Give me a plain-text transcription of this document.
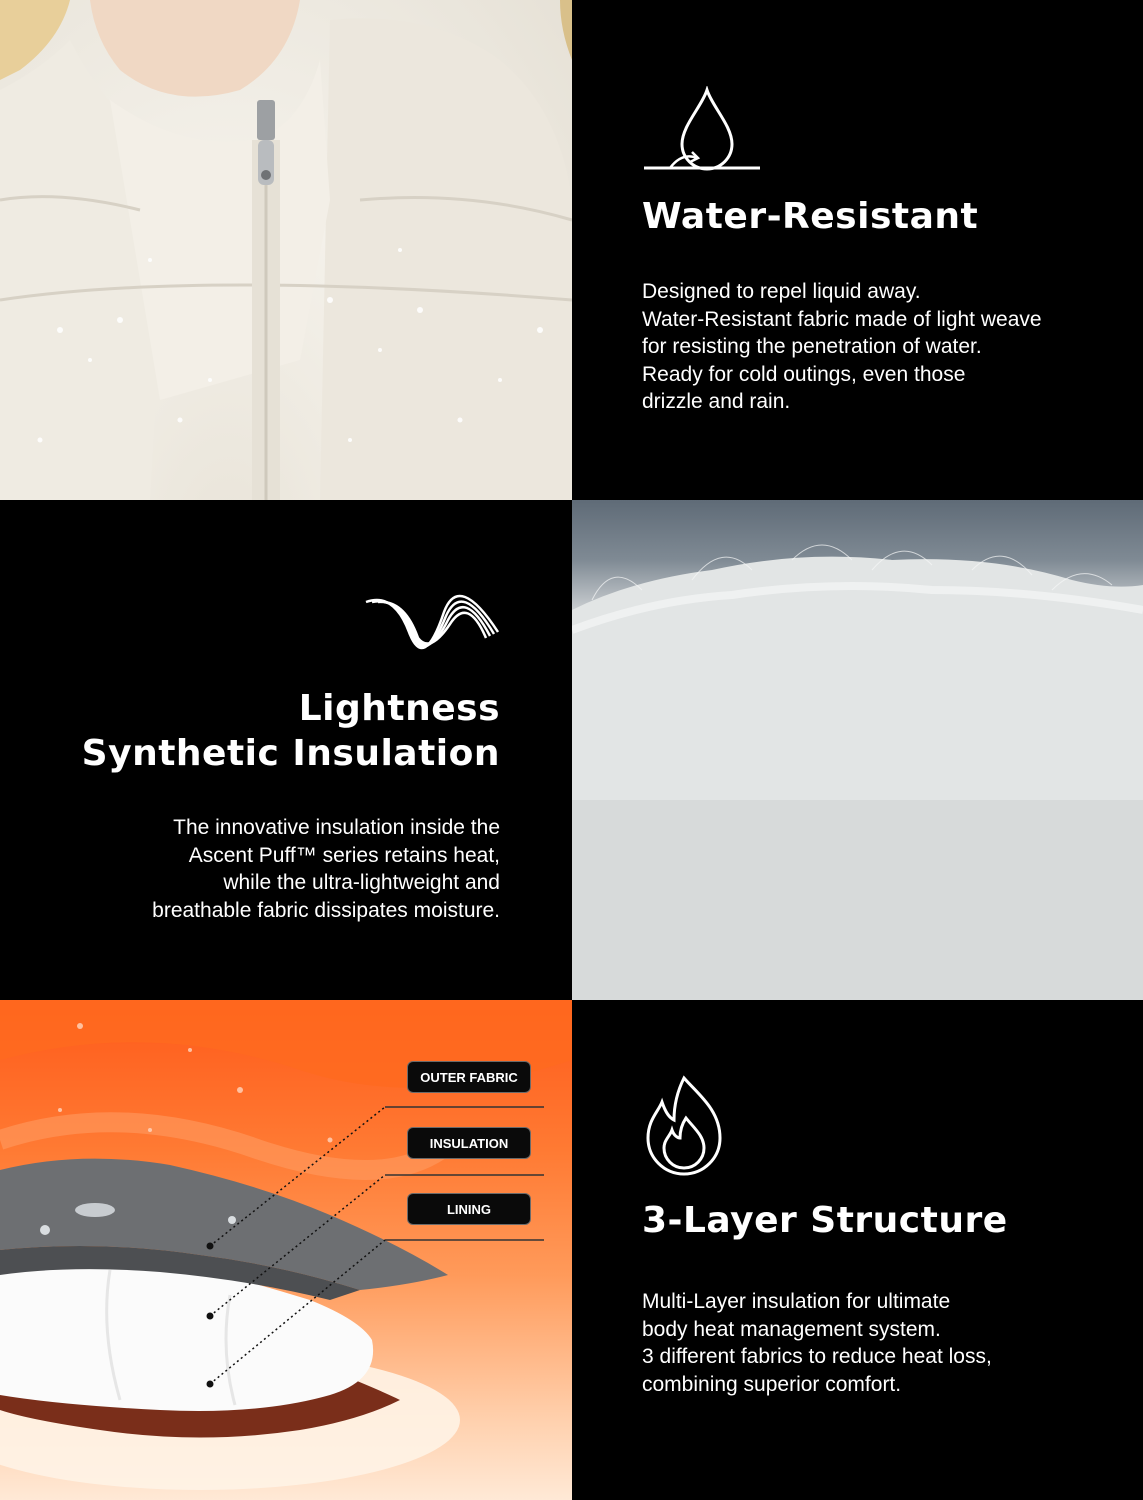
Water-Resistant

Designed to repel liquid away.

Water-Resistant fabric made of light weave

for resisting the penetration of water.

Ready for cold outings, even those

drizzle and rain.

Lightness

Synthetic Insulation

The innovative insulation inside the

Ascent Puff™ series retains heat,

while the ultra-lightweight and

breathable fabric dissipates moisture.

OUTER FABRIC
INSULATION
LINING	3-Layer Structure

Multi-Layer insulation for ultimate

body heat management system.

3 different fabrics to reduce heat loss,

combining superior comfort.
